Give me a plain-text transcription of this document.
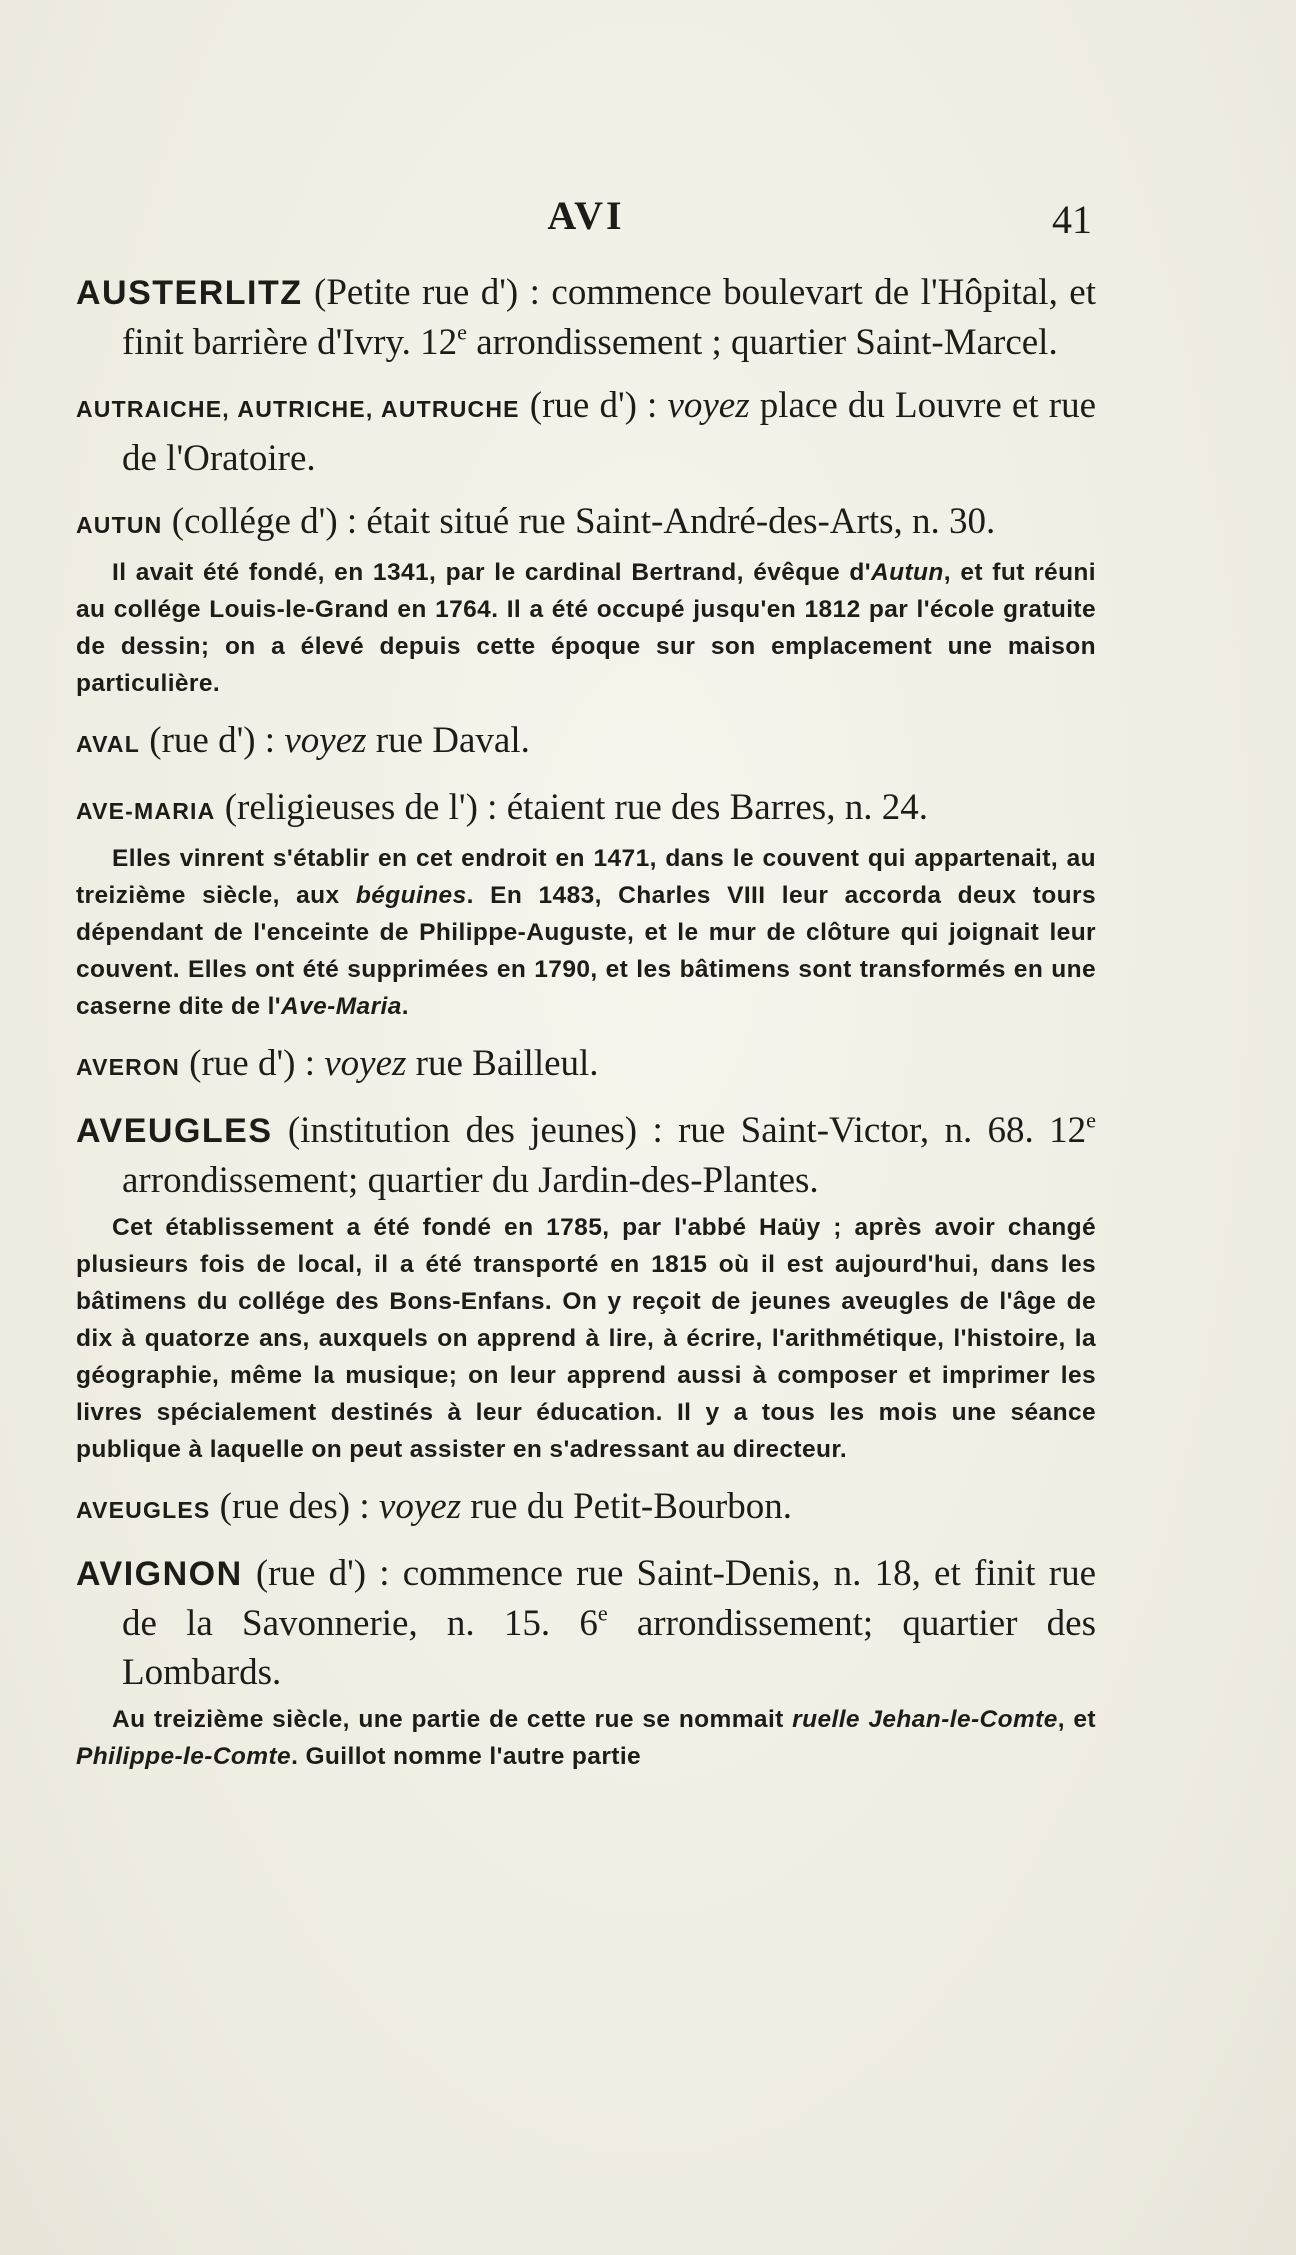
AVI	41

AUSTERLITZ (Petite rue d') : commence boulevart de l'Hôpital, et finit barrière d'Ivry. 12e arrondissement ; quartier Saint-Marcel.

AUTRAICHE, AUTRICHE, AUTRUCHE (rue d') : voyez place du Louvre et rue de l'Oratoire.

AUTUN (collége d') : était situé rue Saint-André-des-Arts, n. 30.

Il avait été fondé, en 1341, par le cardinal Bertrand, évêque d'Autun, et fut réuni au collége Louis-le-Grand en 1764. Il a été occupé jusqu'en 1812 par l'école gratuite de dessin; on a élevé depuis cette époque sur son emplacement une maison particulière.

AVAL (rue d') : voyez rue Daval.

AVE-MARIA (religieuses de l') : étaient rue des Barres, n. 24.

Elles vinrent s'établir en cet endroit en 1471, dans le couvent qui appartenait, au treizième siècle, aux béguines. En 1483, Charles VIII leur accorda deux tours dépendant de l'enceinte de Philippe-Auguste, et le mur de clôture qui joignait leur couvent. Elles ont été supprimées en 1790, et les bâtimens sont transformés en une caserne dite de l'Ave-Maria.

AVERON (rue d') : voyez rue Bailleul.

AVEUGLES (institution des jeunes) : rue Saint-Victor, n. 68. 12e arrondissement; quartier du Jardin-des-Plantes.

Cet établissement a été fondé en 1785, par l'abbé Haüy ; après avoir changé plusieurs fois de local, il a été transporté en 1815 où il est aujourd'hui, dans les bâtimens du collége des Bons-Enfans. On y reçoit de jeunes aveugles de l'âge de dix à quatorze ans, auxquels on apprend à lire, à écrire, l'arithmétique, l'histoire, la géographie, même la musique; on leur apprend aussi à composer et imprimer les livres spécialement destinés à leur éducation. Il y a tous les mois une séance publique à laquelle on peut assister en s'adressant au directeur.

AVEUGLES (rue des) : voyez rue du Petit-Bourbon.

AVIGNON (rue d') : commence rue Saint-Denis, n. 18, et finit rue de la Savonnerie, n. 15. 6e arrondissement; quartier des Lombards.

Au treizième siècle, une partie de cette rue se nommait ruelle Jehan-le-Comte, et Philippe-le-Comte. Guillot nomme l'autre partie
